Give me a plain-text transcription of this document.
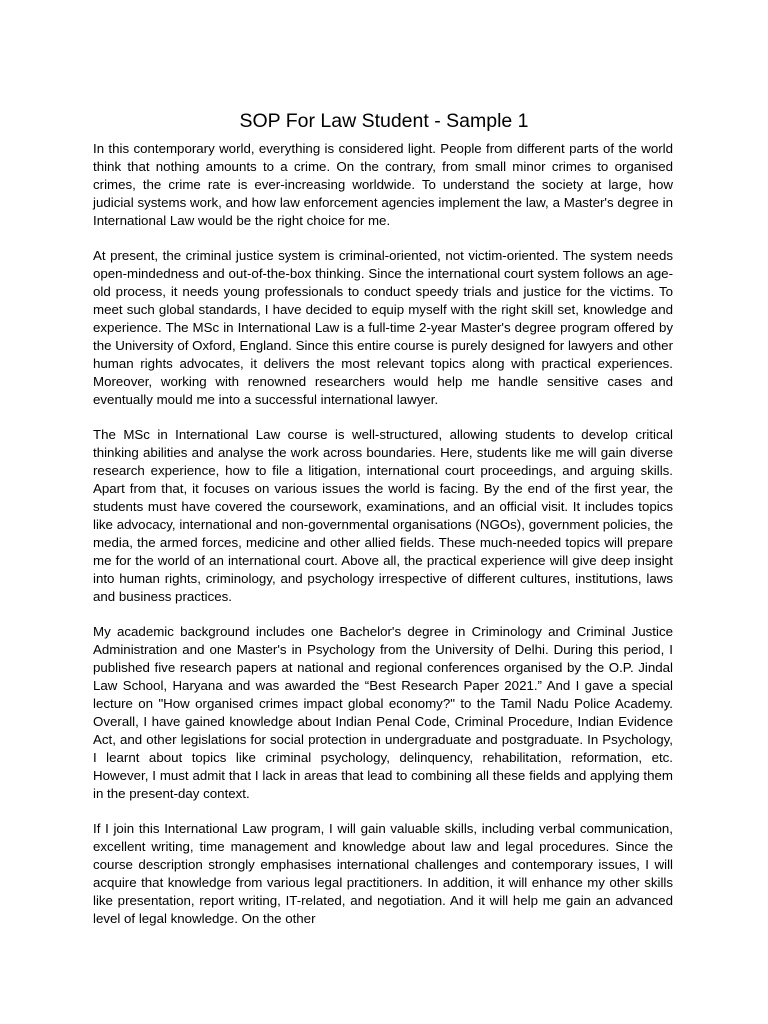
SOP For Law Student - Sample 1

In this contemporary world, everything is considered light. People from different parts of the world think that nothing amounts to a crime. On the contrary, from small minor crimes to organised crimes, the crime rate is ever-increasing worldwide. To understand the society at large, how judicial systems work, and how law enforcement agencies implement the law, a Master's degree in International Law would be the right choice for me.

At present, the criminal justice system is criminal-oriented, not victim-oriented. The system needs open-mindedness and out-of-the-box thinking. Since the international court system follows an age-old process, it needs young professionals to conduct speedy trials and justice for the victims. To meet such global standards, I have decided to equip myself with the right skill set, knowledge and experience. The MSc in International Law is a full-time 2-year Master's degree program offered by the University of Oxford, England. Since this entire course is purely designed for lawyers and other human rights advocates, it delivers the most relevant topics along with practical experiences. Moreover, working with renowned researchers would help me handle sensitive cases and eventually mould me into a successful international lawyer.

The MSc in International Law course is well-structured, allowing students to develop critical thinking abilities and analyse the work across boundaries. Here, students like me will gain diverse research experience, how to file a litigation, international court proceedings, and arguing skills. Apart from that, it focuses on various issues the world is facing. By the end of the first year, the students must have covered the coursework, examinations, and an official visit. It includes topics like advocacy, international and non-governmental organisations (NGOs), government policies, the media, the armed forces, medicine and other allied fields. These much-needed topics will prepare me for the world of an international court. Above all, the practical experience will give deep insight into human rights, criminology, and psychology irrespective of different cultures, institutions, laws and business practices.

My academic background includes one Bachelor's degree in Criminology and Criminal Justice Administration and one Master's in Psychology from the University of Delhi. During this period, I published five research papers at national and regional conferences organised by the O.P. Jindal Law School, Haryana and was awarded the “Best Research Paper 2021.” And I gave a special lecture on "How organised crimes impact global economy?" to the Tamil Nadu Police Academy. Overall, I have gained knowledge about Indian Penal Code, Criminal Procedure, Indian Evidence Act, and other legislations for social protection in undergraduate and postgraduate. In Psychology, I learnt about topics like criminal psychology, delinquency, rehabilitation, reformation, etc. However, I must admit that I lack in areas that lead to combining all these fields and applying them in the present-day context.

If I join this International Law program, I will gain valuable skills, including verbal communication, excellent writing, time management and knowledge about law and legal procedures. Since the course description strongly emphasises international challenges and contemporary issues, I will acquire that knowledge from various legal practitioners. In addition, it will enhance my other skills like presentation, report writing, IT-related, and negotiation. And it will help me gain an advanced level of legal knowledge. On the other
